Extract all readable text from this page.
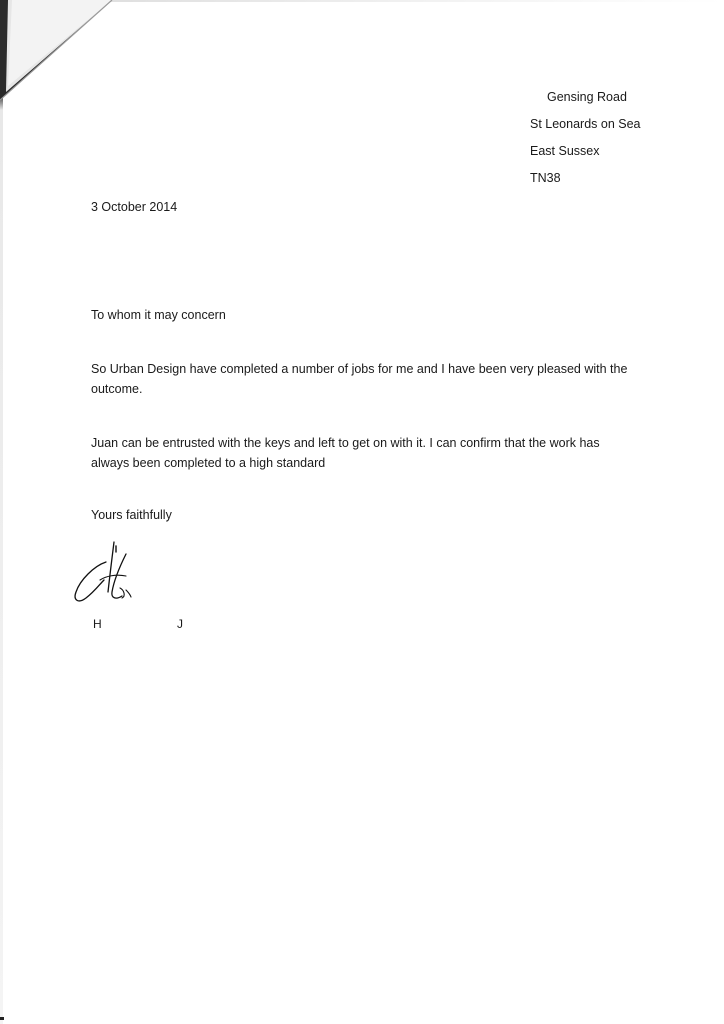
Gensing Road
St Leonards on Sea
East Sussex
TN38
3 October 2014
To whom it may concern
So Urban Design have completed a number of jobs for me and I have been very pleased with the outcome.
Juan can be entrusted with the keys and left to get on with it. I can confirm that the work has always been completed to a high standard
Yours faithfully
H	J
